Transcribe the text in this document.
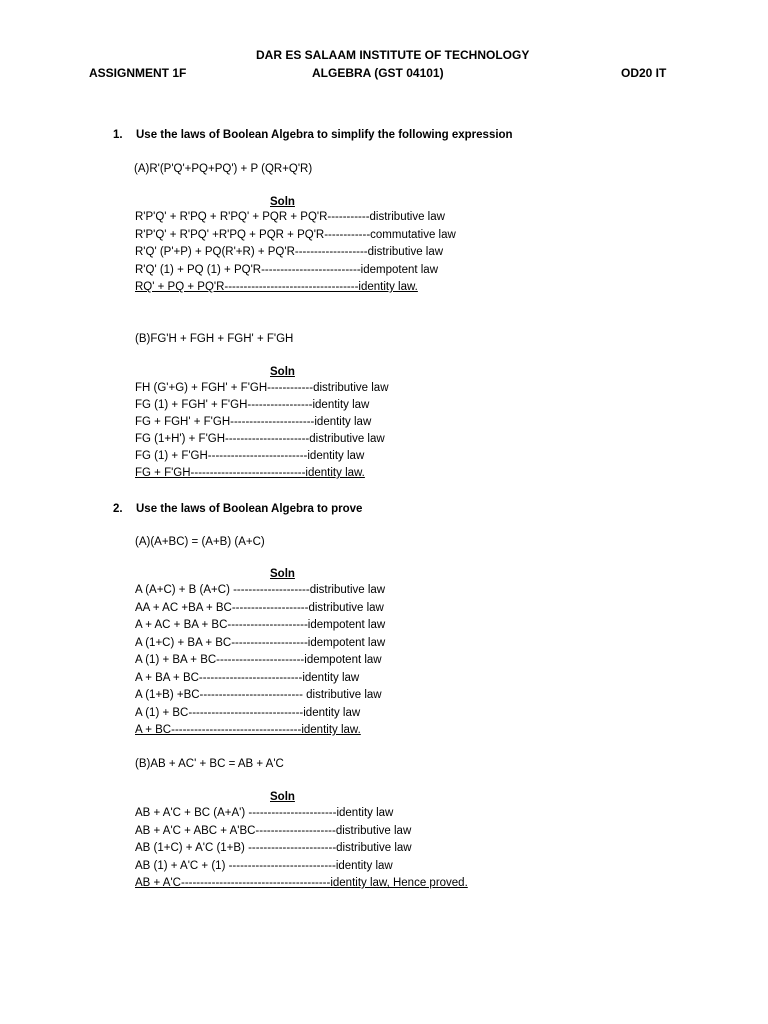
DAR ES SALAAM INSTITUTE OF TECHNOLOGY
ASSIGNMENT 1F	ALGEBRA (GST 04101)	OD20 IT
1. Use the laws of Boolean Algebra to simplify the following expression
(A)R'(P'Q'+PQ+PQ') + P (QR+Q'R)
Soln
R'P'Q' + R'PQ + R'PQ' + PQR + PQ'R-----------distributive law
R'P'Q' + R'PQ' +R'PQ + PQR + PQ'R------------commutative law
R'Q' (P'+P) + PQ(R'+R) + PQ'R-------------------distributive law
R'Q' (1) + PQ (1) + PQ'R--------------------------idempotent law
RQ' + PQ + PQ'R-----------------------------------identity law.
(B)FG'H + FGH + FGH' + F'GH
Soln
FH (G'+G) + FGH' + F'GH------------distributive law
FG (1) + FGH' + F'GH-----------------identity law
FG + FGH' + F'GH----------------------identity law
FG (1+H') + F'GH----------------------distributive law
FG (1) + F'GH--------------------------identity law
FG + F'GH------------------------------identity law.
2. Use the laws of Boolean Algebra to prove
(A)(A+BC) = (A+B) (A+C)
Soln
A (A+C) + B (A+C) --------------------distributive law
AA + AC +BA + BC--------------------distributive law
A + AC + BA + BC---------------------idempotent law
A (1+C) + BA + BC--------------------idempotent law
A (1) + BA + BC-----------------------idempotent law
A + BA + BC---------------------------identity law
A (1+B) +BC--------------------------- distributive law
A (1) + BC------------------------------identity law
A + BC----------------------------------identity law.
(B)AB + AC' + BC = AB + A'C
Soln
AB + A'C + BC (A+A') -----------------------identity law
AB + A'C + ABC + A'BC---------------------distributive law
AB (1+C) + A'C (1+B) -----------------------distributive law
AB (1) + A'C + (1) ----------------------------identity law
AB + A'C---------------------------------------identity law, Hence proved.
